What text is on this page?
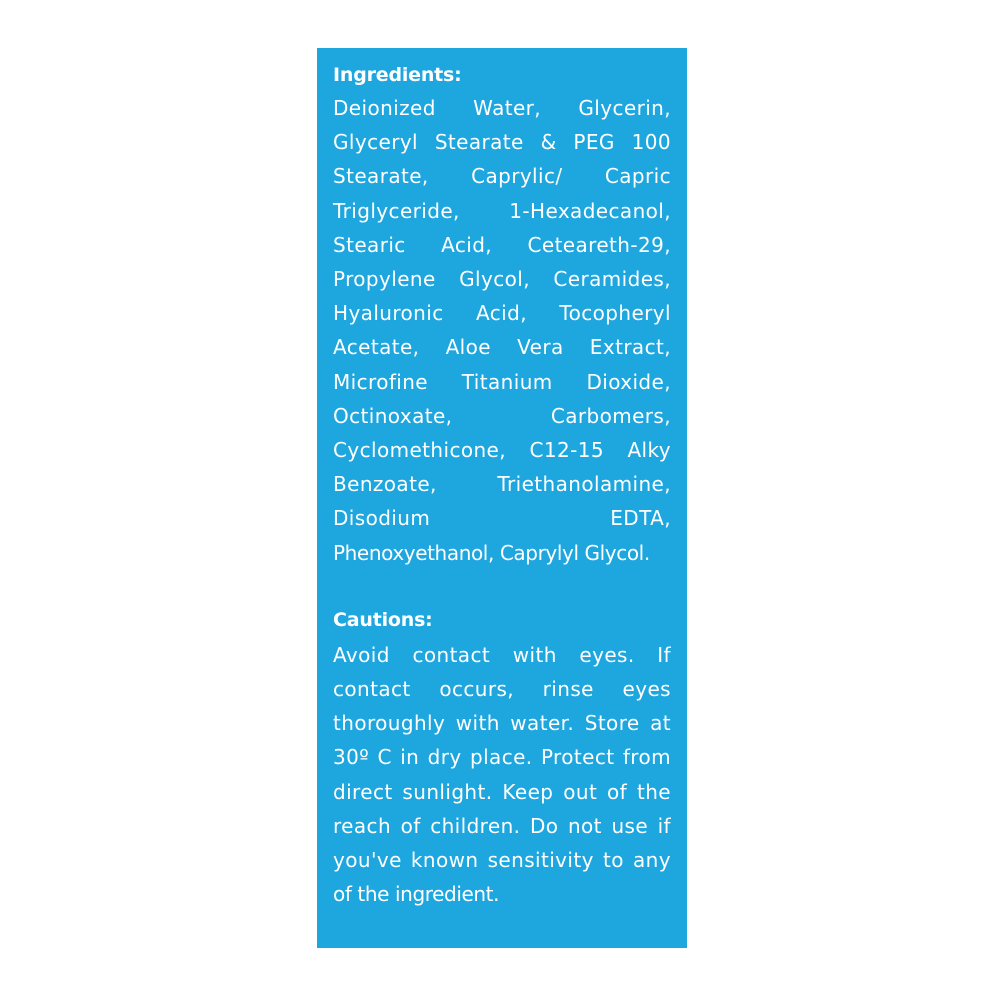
Ingredients:
Deionized Water, Glycerin,
Glyceryl Stearate & PEG 100
Stearate, Caprylic/ Capric
Triglyceride, 1-Hexadecanol,
Stearic Acid, Ceteareth-29,
Propylene Glycol, Ceramides,
Hyaluronic Acid, Tocopheryl
Acetate, Aloe Vera Extract,
Microfine Titanium Dioxide,
Octinoxate, Carbomers,
Cyclomethicone, C12-15 Alky
Benzoate, Triethanolamine,
Disodium EDTA,
Phenoxyethanol, Caprylyl Glycol.
Cautions:
Avoid contact with eyes. If
contact occurs, rinse eyes
thoroughly with water. Store at
30º C in dry place. Protect from
direct sunlight. Keep out of the
reach of children. Do not use if
you've known sensitivity to any
of the ingredient.
